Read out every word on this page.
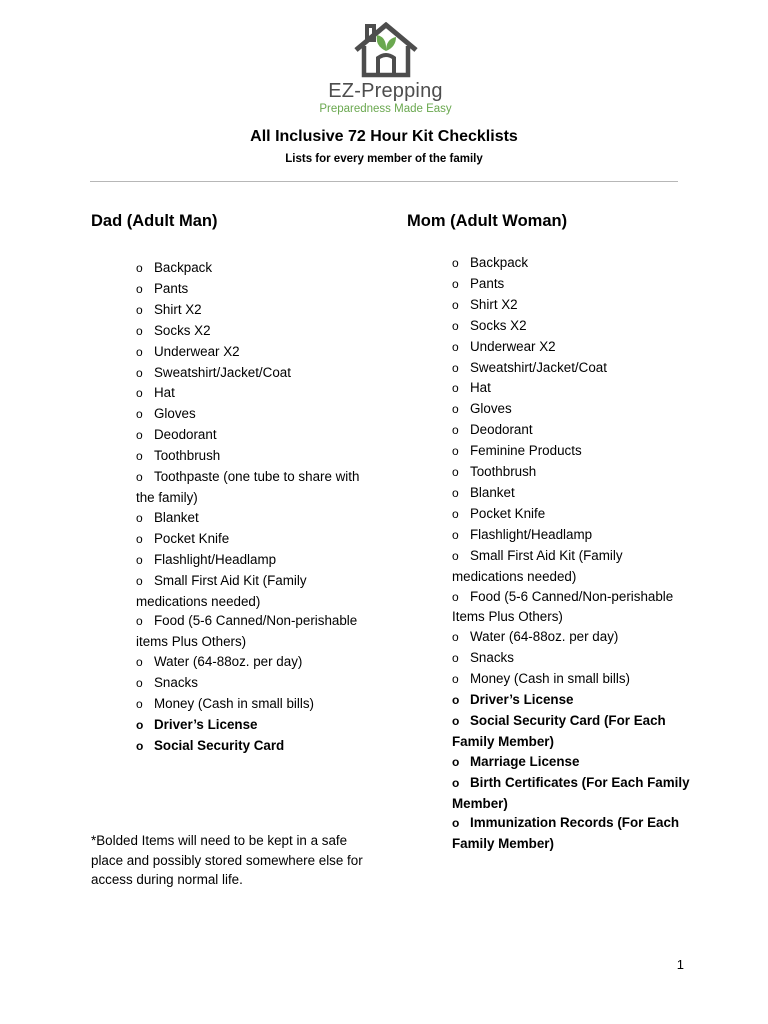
EZ-Prepping
Preparedness Made Easy
All Inclusive 72 Hour Kit Checklists
Lists for every member of the family
Dad (Adult Man)
o Backpack
o Pants
o Shirt X2
o Socks X2
o Underwear X2
o Sweatshirt/Jacket/Coat
o Hat
o Gloves
o Deodorant
o Toothbrush
o Toothpaste (one tube to share with the family)
o Blanket
o Pocket Knife
o Flashlight/Headlamp
o Small First Aid Kit (Family medications needed)
o Food (5-6 Canned/Non-perishable items Plus Others)
o Water (64-88oz. per day)
o Snacks
o Money (Cash in small bills)
o Driver’s License
o Social Security Card
Mom (Adult Woman)
o Backpack
o Pants
o Shirt X2
o Socks X2
o Underwear X2
o Sweatshirt/Jacket/Coat
o Hat
o Gloves
o Deodorant
o Feminine Products
o Toothbrush
o Blanket
o Pocket Knife
o Flashlight/Headlamp
o Small First Aid Kit (Family medications needed)
o Food (5-6 Canned/Non-perishable Items Plus Others)
o Water (64-88oz. per day)
o Snacks
o Money (Cash in small bills)
o Driver’s License
o Social Security Card (For Each Family Member)
o Marriage License
o Birth Certificates (For Each Family Member)
o Immunization Records (For Each Family Member)
*Bolded Items will need to be kept in a safe place and possibly stored somewhere else for access during normal life.
1
